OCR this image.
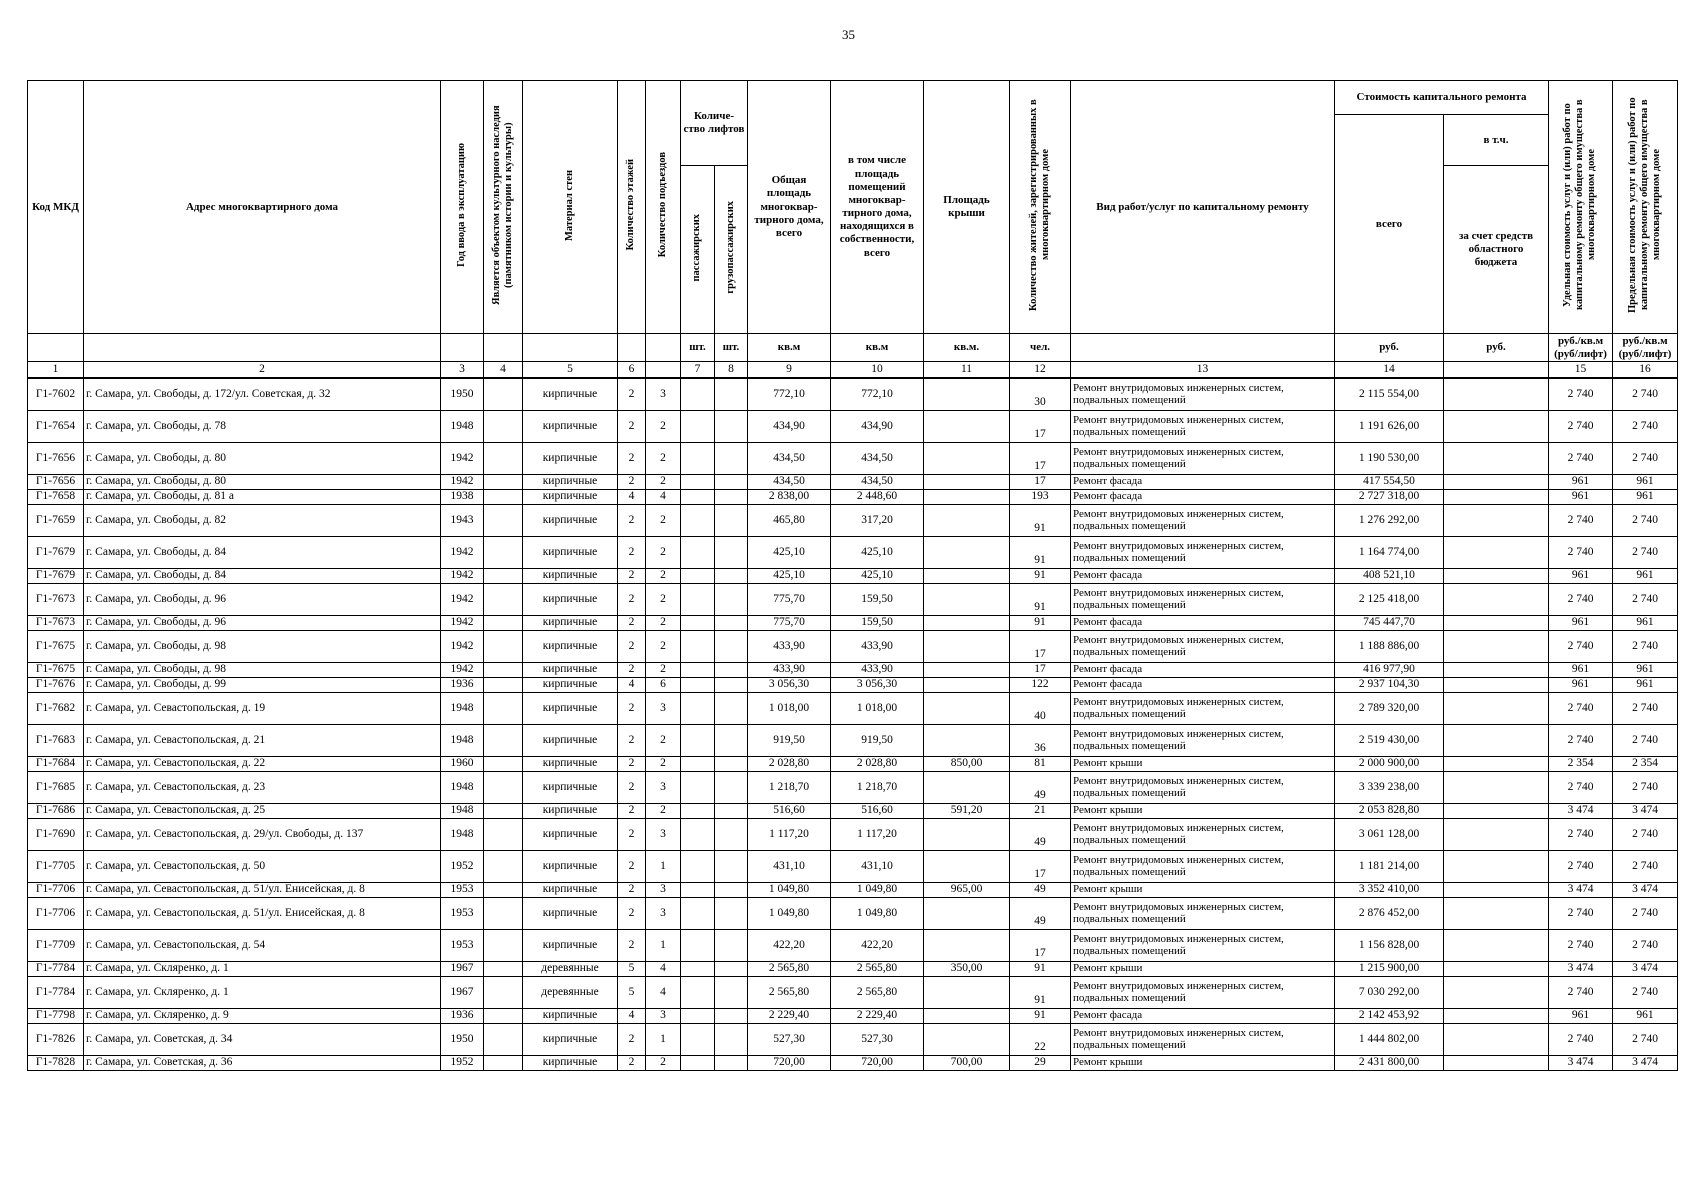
35
Код МКД	Адрес многоквартирного дома	Год ввода в эксплуатацию	Является объектом культурного наследия (памятником истории и культуры)	Материал стен	Количество этажей	Количество подъездов	Количе- ство лифтов		Общая площадь многоквар- тирного дома, всего	в том числе площадь помещений многоквар- тирного дома, находящихся в собственности, всего	Площадь крыши	Количество жителей, зарегистрированных в многоквартирном доме	Вид работ/услуг по капитальному ремонту	Стоимость капитального ремонта		Удельная стоимость услуг и (или) работ по капитальному ремонту общего имущества в многоквартирном доме	Предельная стоимость услуг и (или) работ по капитальному ремонту общего имущества в многоквартирном доме
														всего	в т.ч.		
							пассажирских	грузопассажирских							за счет средств областного бюджета		
							шт.	шт.	кв.м	кв.м	кв.м.	чел.		руб.	руб.	руб./кв.м (руб/лифт)	руб./кв.м (руб/лифт)
1	2	3	4	5	6		7	8	9	10	11	12	13	14		15	16
Г1-7602	г. Самара, ул. Свободы, д. 172/ул. Советская, д. 32	1950		кирпичные	2	3			772,10	772,10		30	Ремонт внутридомовых инженерных систем, подвальных помещений	2 115 554,00		2 740	2 740
Г1-7654	г. Самара, ул. Свободы, д. 78	1948		кирпичные	2	2			434,90	434,90		17	Ремонт внутридомовых инженерных систем, подвальных помещений	1 191 626,00		2 740	2 740
Г1-7656	г. Самара, ул. Свободы, д. 80	1942		кирпичные	2	2			434,50	434,50		17	Ремонт внутридомовых инженерных систем, подвальных помещений	1 190 530,00		2 740	2 740
Г1-7656	г. Самара, ул. Свободы, д. 80	1942		кирпичные	2	2			434,50	434,50		17	Ремонт фасада	417 554,50		961	961
Г1-7658	г. Самара, ул. Свободы, д. 81 а	1938		кирпичные	4	4			2 838,00	2 448,60		193	Ремонт фасада	2 727 318,00		961	961
Г1-7659	г. Самара, ул. Свободы, д. 82	1943		кирпичные	2	2			465,80	317,20		91	Ремонт внутридомовых инженерных систем, подвальных помещений	1 276 292,00		2 740	2 740
Г1-7679	г. Самара, ул. Свободы, д. 84	1942		кирпичные	2	2			425,10	425,10		91	Ремонт внутридомовых инженерных систем, подвальных помещений	1 164 774,00		2 740	2 740
Г1-7679	г. Самара, ул. Свободы, д. 84	1942		кирпичные	2	2			425,10	425,10		91	Ремонт фасада	408 521,10		961	961
Г1-7673	г. Самара, ул. Свободы, д. 96	1942		кирпичные	2	2			775,70	159,50		91	Ремонт внутридомовых инженерных систем, подвальных помещений	2 125 418,00		2 740	2 740
Г1-7673	г. Самара, ул. Свободы, д. 96	1942		кирпичные	2	2			775,70	159,50		91	Ремонт фасада	745 447,70		961	961
Г1-7675	г. Самара, ул. Свободы, д. 98	1942		кирпичные	2	2			433,90	433,90		17	Ремонт внутридомовых инженерных систем, подвальных помещений	1 188 886,00		2 740	2 740
Г1-7675	г. Самара, ул. Свободы, д. 98	1942		кирпичные	2	2			433,90	433,90		17	Ремонт фасада	416 977,90		961	961
Г1-7676	г. Самара, ул. Свободы, д. 99	1936		кирпичные	4	6			3 056,30	3 056,30		122	Ремонт фасада	2 937 104,30		961	961
Г1-7682	г. Самара, ул. Севастопольская, д. 19	1948		кирпичные	2	3			1 018,00	1 018,00		40	Ремонт внутридомовых инженерных систем, подвальных помещений	2 789 320,00		2 740	2 740
Г1-7683	г. Самара, ул. Севастопольская, д. 21	1948		кирпичные	2	2			919,50	919,50		36	Ремонт внутридомовых инженерных систем, подвальных помещений	2 519 430,00		2 740	2 740
Г1-7684	г. Самара, ул. Севастопольская, д. 22	1960		кирпичные	2	2			2 028,80	2 028,80	850,00	81	Ремонт крыши	2 000 900,00		2 354	2 354
Г1-7685	г. Самара, ул. Севастопольская, д. 23	1948		кирпичные	2	3			1 218,70	1 218,70		49	Ремонт внутридомовых инженерных систем, подвальных помещений	3 339 238,00		2 740	2 740
Г1-7686	г. Самара, ул. Севастопольская, д. 25	1948		кирпичные	2	2			516,60	516,60	591,20	21	Ремонт крыши	2 053 828,80		3 474	3 474
Г1-7690	г. Самара, ул. Севастопольская, д. 29/ул. Свободы, д. 137	1948		кирпичные	2	3			1 117,20	1 117,20		49	Ремонт внутридомовых инженерных систем, подвальных помещений	3 061 128,00		2 740	2 740
Г1-7705	г. Самара, ул. Севастопольская, д. 50	1952		кирпичные	2	1			431,10	431,10		17	Ремонт внутридомовых инженерных систем, подвальных помещений	1 181 214,00		2 740	2 740
Г1-7706	г. Самара, ул. Севастопольская, д. 51/ул. Енисейская, д. 8	1953		кирпичные	2	3			1 049,80	1 049,80	965,00	49	Ремонт крыши	3 352 410,00		3 474	3 474
Г1-7706	г. Самара, ул. Севастопольская, д. 51/ул. Енисейская, д. 8	1953		кирпичные	2	3			1 049,80	1 049,80		49	Ремонт внутридомовых инженерных систем, подвальных помещений	2 876 452,00		2 740	2 740
Г1-7709	г. Самара, ул. Севастопольская, д. 54	1953		кирпичные	2	1			422,20	422,20		17	Ремонт внутридомовых инженерных систем, подвальных помещений	1 156 828,00		2 740	2 740
Г1-7784	г. Самара, ул. Скляренко, д. 1	1967		деревянные	5	4			2 565,80	2 565,80	350,00	91	Ремонт крыши	1 215 900,00		3 474	3 474
Г1-7784	г. Самара, ул. Скляренко, д. 1	1967		деревянные	5	4			2 565,80	2 565,80		91	Ремонт внутридомовых инженерных систем, подвальных помещений	7 030 292,00		2 740	2 740
Г1-7798	г. Самара, ул. Скляренко, д. 9	1936		кирпичные	4	3			2 229,40	2 229,40		91	Ремонт фасада	2 142 453,92		961	961
Г1-7826	г. Самара, ул. Советская, д. 34	1950		кирпичные	2	1			527,30	527,30		22	Ремонт внутридомовых инженерных систем, подвальных помещений	1 444 802,00		2 740	2 740
Г1-7828	г. Самара, ул. Советская, д. 36	1952		кирпичные	2	2			720,00	720,00	700,00	29	Ремонт крыши	2 431 800,00		3 474	3 474
